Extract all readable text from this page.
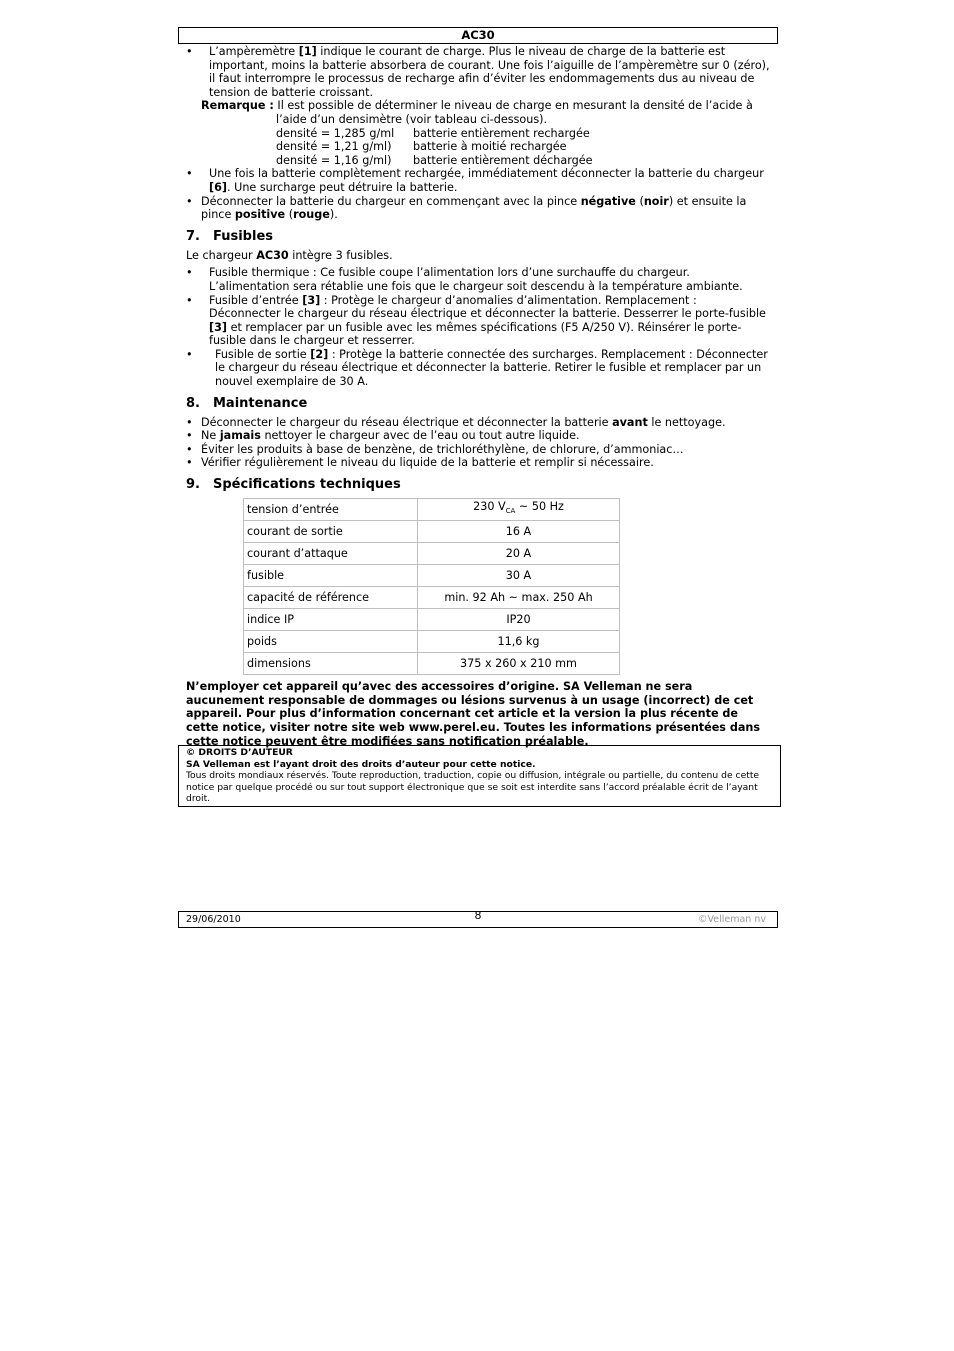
AC30
• L’ampèremètre [1] indique le courant de charge. Plus le niveau de charge de la batterie est important, moins la batterie absorbera de courant. Une fois l’aiguille de l’ampèremètre sur 0 (zéro), il faut interrompre le processus de recharge afin d’éviter les endommagements dus au niveau de tension de batterie croissant.
Remarque : Il est possible de déterminer le niveau de charge en mesurant la densité de l’acide à
l’aide d’un densimètre (voir tableau ci-dessous).
densité = 1,285 g/ml	batterie entièrement rechargée
densité = 1,21 g/ml)	batterie à moitié rechargée
densité = 1,16 g/ml)	batterie entièrement déchargée
• Une fois la batterie complètement rechargée, immédiatement déconnecter la batterie du chargeur [6]. Une surcharge peut détruire la batterie.
• Déconnecter la batterie du chargeur en commençant avec la pince négative (noir) et ensuite la pince positive (rouge).
7. Fusibles

Le chargeur AC30 intègre 3 fusibles.

• Fusible thermique : Ce fusible coupe l’alimentation lors d’une surchauffe du chargeur. L’alimentation sera rétablie une fois que le chargeur soit descendu à la température ambiante.
• Fusible d’entrée [3] : Protège le chargeur d’anomalies d’alimentation. Remplacement : Déconnecter le chargeur du réseau électrique et déconnecter la batterie. Desserrer le porte-fusible [3] et remplacer par un fusible avec les mêmes spécifications (F5 A/250 V). Réinsérer le porte-fusible dans le chargeur et resserrer.
• Fusible de sortie [2] : Protège la batterie connectée des surcharges. Remplacement : Déconnecter le chargeur du réseau électrique et déconnecter la batterie. Retirer le fusible et remplacer par un nouvel exemplaire de 30 A.
8. Maintenance
• Déconnecter le chargeur du réseau électrique et déconnecter la batterie avant le nettoyage.
• Ne jamais nettoyer le chargeur avec de l’eau ou tout autre liquide.
• Éviter les produits à base de benzène, de trichloréthylène, de chlorure, d’ammoniac…
• Vérifier régulièrement le niveau du liquide de la batterie et remplir si nécessaire.
9. Spécifications techniques
tension d’entrée	230 $V_{CA}$ ~ 50 Hz
courant de sortie	16 A
courant d’attaque	20 A
fusible	30 A
capacité de référence	min. 92 Ah ~ max. 250 Ah
indice IP	IP20
poids	11,6 kg
dimensions	375 x 260 x 210 mm
N’employer cet appareil qu’avec des accessoires d’origine. SA Velleman ne sera aucunement responsable de dommages ou lésions survenus à un usage (incorrect) de cet appareil. Pour plus d’information concernant cet article et la version la plus récente de cette notice, visiter notre site web www.perel.eu. Toutes les informations présentées dans cette notice peuvent être modifiées sans notification préalable.
© DROITS D’AUTEUR
SA Velleman est l’ayant droit des droits d’auteur pour cette notice.
Tous droits mondiaux réservés. Toute reproduction, traduction, copie ou diffusion, intégrale ou partielle, du contenu de cette notice par quelque procédé ou sur tout support électronique que se soit est interdite sans l’accord préalable écrit de l’ayant droit.
29/06/2010	8	©Velleman nv
